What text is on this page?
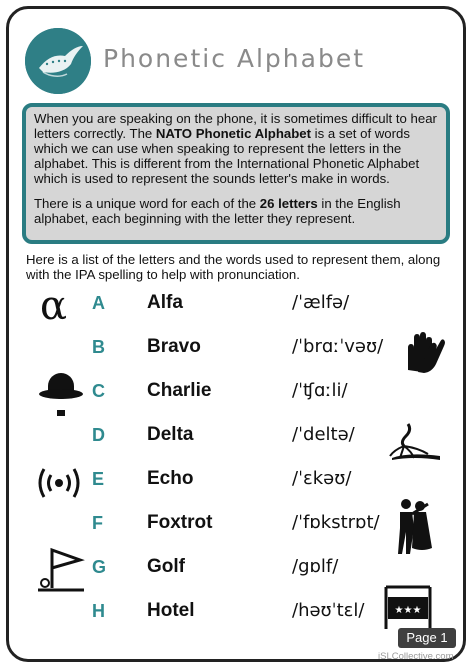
Phonetic Alphabet

When you are speaking on the phone, it is sometimes difficult to hear letters correctly. The NATO Phonetic Alphabet is a set of words which we can use when speaking to represent the letters in the alphabet. This is different from the International Phonetic Alphabet which is used to represent the sounds letter's make in words.

There is a unique word for each of the 26 letters in the English alphabet, each beginning with the letter they represent.

Here is a list of the letters and the words used to represent them, along with the IPA spelling to help with pronunciation.
A Alfa	/ˈælfə/
B Bravo	/ˈbrɑːˈvəʊ/
C Charlie	/ˈʧɑːli/
D Delta	/ˈdeltə/
E Echo	/ˈɛkəʊ/
F Foxtrot	/ˈfɒkstrɒt/
G Golf	/gɒlf/
H Hotel	/həʊˈtɛl/
α
★★★
Page 1
iSLCollective.com
